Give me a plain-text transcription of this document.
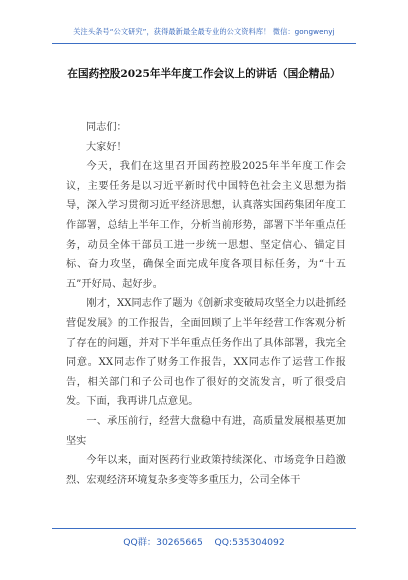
关注头条号“公文研究”，获得最新最全最专业的公文资料库！ 微信：gongwenyj
在国药控股2025年半年度工作会议上的讲话（国企精品）

同志们：

大家好！

今天，我们在这里召开国药控股2025年半年度工作会议，主要任务是以习近平新时代中国特色社会主义思想为指导，深入学习贯彻习近平经济思想，认真落实国药集团年度工作部署，总结上半年工作，分析当前形势，部署下半年重点任务，动员全体干部员工进一步统一思想、坚定信心、锚定目标、奋力攻坚，确保全面完成年度各项目标任务，为“十五五”开好局、起好步。

刚才，XX同志作了题为《创新求变破局攻坚全力以赴抓经营促发展》的工作报告，全面回顾了上半年经营工作客观分析了存在的问题，并对下半年重点任务作出了具体部署，我完全同意。XX同志作了财务工作报告，XX同志作了运营工作报告，相关部门和子公司也作了很好的交流发言，听了很受启发。下面，我再讲几点意见。

一、承压前行，经营大盘稳中有进，高质量发展根基更加坚实

今年以来，面对医药行业政策持续深化、市场竞争日趋激烈、宏观经济环境复杂多变等多重压力，公司全体干

QQ群：30265665    QQ:535304092
